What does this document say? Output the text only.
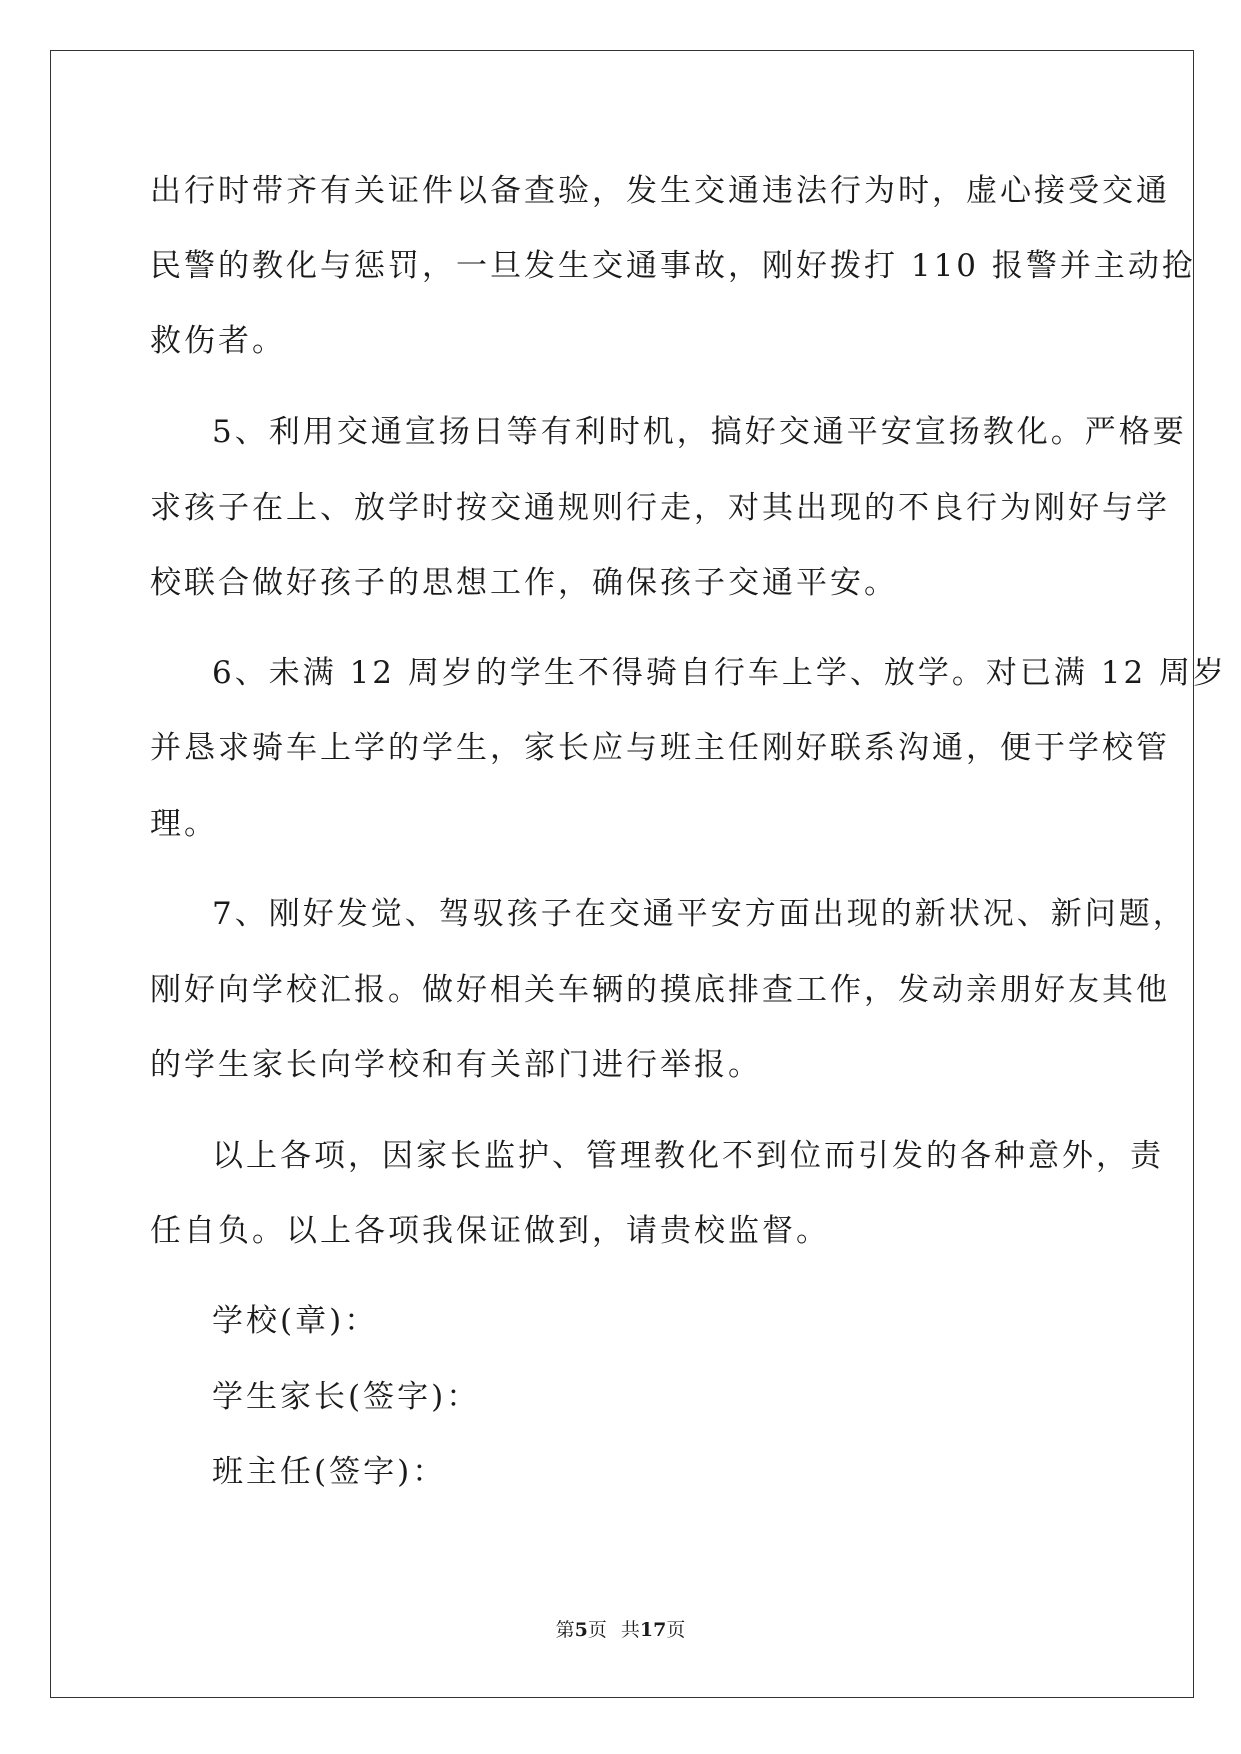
出行时带齐有关证件以备查验，发生交通违法行为时，虚心接受交通
民警的教化与惩罚，一旦发生交通事故，刚好拨打 110 报警并主动抢
救伤者。
5、利用交通宣扬日等有利时机，搞好交通平安宣扬教化。严格要
求孩子在上、放学时按交通规则行走，对其出现的不良行为刚好与学
校联合做好孩子的思想工作，确保孩子交通平安。
6、未满 12 周岁的学生不得骑自行车上学、放学。对已满 12 周岁
并恳求骑车上学的学生，家长应与班主任刚好联系沟通，便于学校管
理。
7、刚好发觉、驾驭孩子在交通平安方面出现的新状况、新问题，
刚好向学校汇报。做好相关车辆的摸底排查工作，发动亲朋好友其他
的学生家长向学校和有关部门进行举报。
以上各项，因家长监护、管理教化不到位而引发的各种意外，责
任自负。以上各项我保证做到，请贵校监督。
学校(章)：
学生家长(签字)：
班主任(签字)：
第5页 共17页
